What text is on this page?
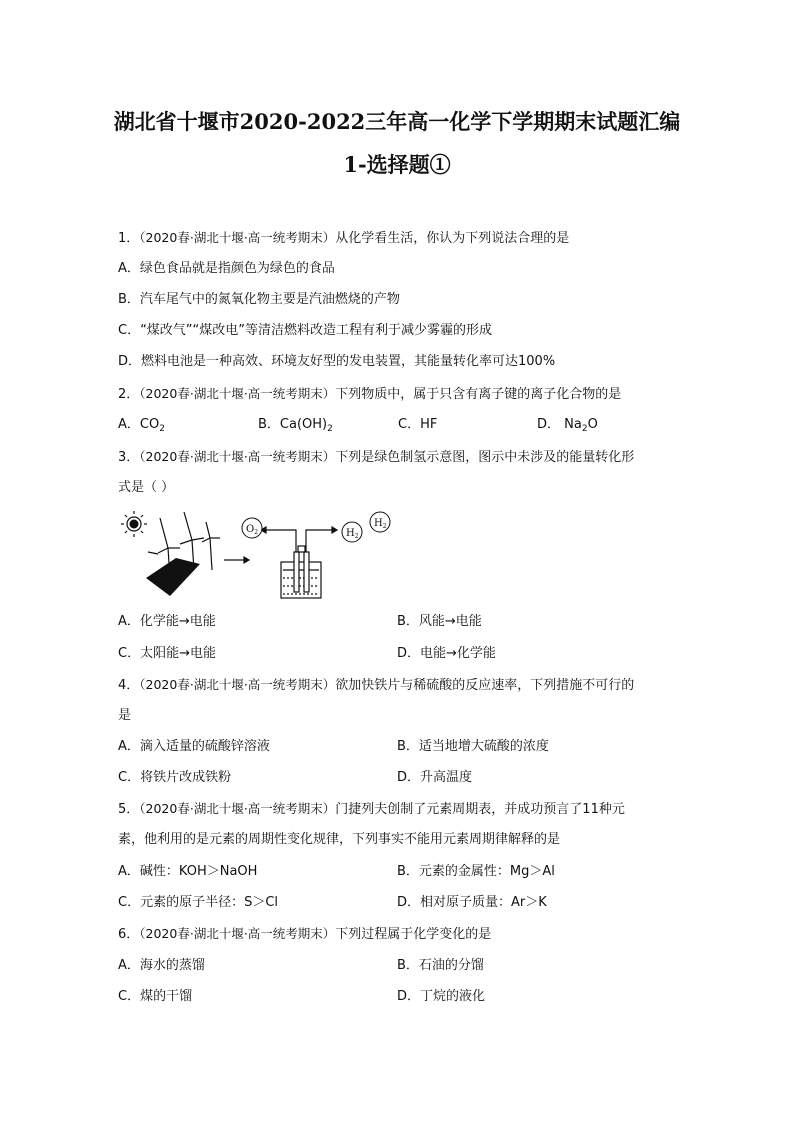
湖北省十堰市2020-2022三年高一化学下学期期末试题汇编
1-选择题①
1．（2020春·湖北十堰·高一统考期末）从化学看生活，你认为下列说法合理的是
A．绿色食品就是指颜色为绿色的食品
B．汽车尾气中的氮氧化物主要是汽油燃烧的产物
C．“煤改气”“煤改电”等清洁燃料改造工程有利于减少雾霾的形成
D．燃料电池是一种高效、环境友好型的发电装置，其能量转化率可达100%
2．（2020春·湖北十堰·高一统考期末）下列物质中，属于只含有离子键的离子化合物的是
A．$CO_2$	B．$Ca(OH)_2$	C．HF	D． $Na_2O$
3．（2020春·湖北十堰·高一统考期末）下列是绿色制氢示意图，图示中未涉及的能量转化形
式是（ ）
$O_2$	$H_2$
$H_2$
A．化学能→电能	B．风能→电能
C．太阳能→电能	D．电能→化学能
4．（2020春·湖北十堰·高一统考期末）欲加快铁片与稀硫酸的反应速率，下列措施不可行的
是
A．滴入适量的硫酸锌溶液	B．适当地增大硫酸的浓度
C．将铁片改成铁粉	D．升高温度
5．（2020春·湖北十堰·高一统考期末）门捷列夫创制了元素周期表，并成功预言了11种元
素，他利用的是元素的周期性变化规律，下列事实不能用元素周期律解释的是
A．碱性：KOH＞NaOH	B．元素的金属性：Mg＞Al
C．元素的原子半径：S＞Cl	D．相对原子质量：Ar＞K
6．（2020春·湖北十堰·高一统考期末）下列过程属于化学变化的是
A．海水的蒸馏	B．石油的分馏
C．煤的干馏	D．丁烷的液化
